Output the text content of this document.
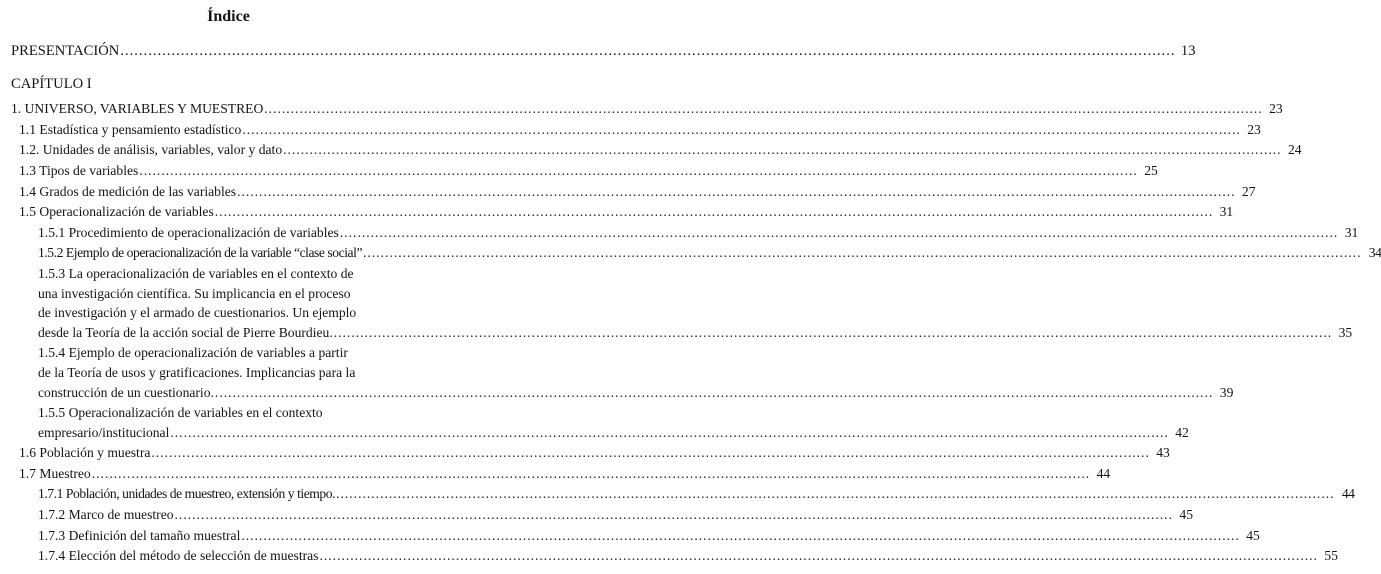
Índice
PRESENTACIÓN .....	13
CAPÍTULO I
1. UNIVERSO, VARIABLES Y MUESTREO .....	23
1.1 Estadística y pensamiento estadístico .....	23
1.2. Unidades de análisis, variables, valor y dato .....	24
1.3 Tipos de variables .....	25
1.4 Grados de medición de las variables .....	27
1.5 Operacionalización de variables .....	31
1.5.1 Procedimiento de operacionalización de variables .....	31
1.5.2 Ejemplo de operacionalización de la variable “clase social” .....	34
1.5.3 La operacionalización de variables en el contexto de
una investigación científica. Su implicancia en el proceso
de investigación y el armado de cuestionarios. Un ejemplo
desde la Teoría de la acción social de Pierre Bourdieu. .....	35
1.5.4 Ejemplo de operacionalización de variables a partir
de la Teoría de usos y gratificaciones. Implicancias para la
construcción de un cuestionario. .....	39
1.5.5 Operacionalización de variables en el contexto
empresario/institucional .....	42
1.6 Población y muestra .....	43
1.7 Muestreo .....	44
1.7.1 Población, unidades de muestreo, extensión y tiempo. .....	44
1.7.2 Marco de muestreo .....	45
1.7.3 Definición del tamaño muestral .....	45
1.7.4 Elección del método de selección de muestras .....	55
